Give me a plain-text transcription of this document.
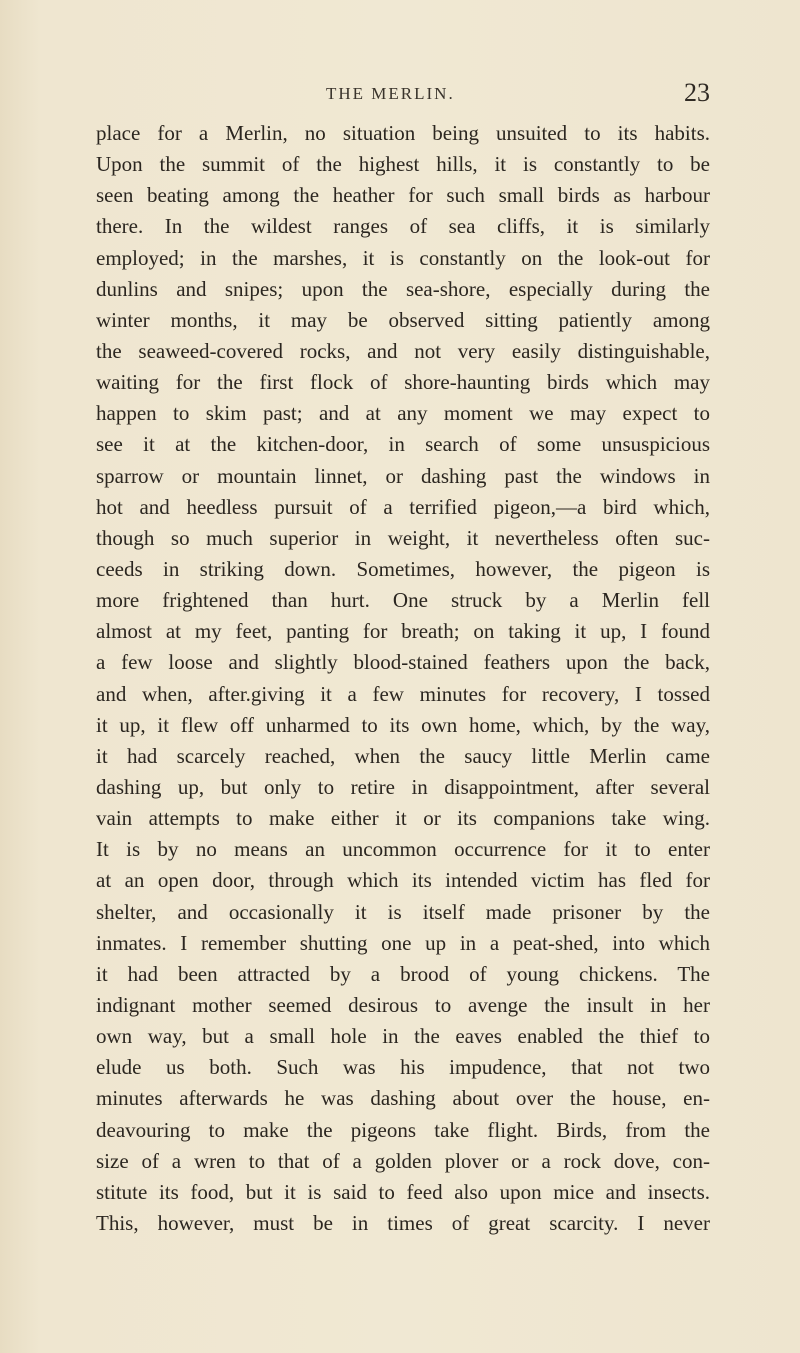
THE MERLIN.	23
place for a Merlin, no situation being unsuited to its habits.
Upon the summit of the highest hills, it is constantly to be
seen beating among the heather for such small birds as harbour
there. In the wildest ranges of sea cliffs, it is similarly
employed; in the marshes, it is constantly on the look-out for
dunlins and snipes; upon the sea-shore, especially during the
winter months, it may be observed sitting patiently among
the seaweed-covered rocks, and not very easily distinguishable,
waiting for the first flock of shore-haunting birds which may
happen to skim past; and at any moment we may expect to
see it at the kitchen-door, in search of some unsuspicious
sparrow or mountain linnet, or dashing past the windows in
hot and heedless pursuit of a terrified pigeon,—a bird which,
though so much superior in weight, it nevertheless often suc-
ceeds in striking down. Sometimes, however, the pigeon is
more frightened than hurt. One struck by a Merlin fell
almost at my feet, panting for breath; on taking it up, I found
a few loose and slightly blood-stained feathers upon the back,
and when, after.giving it a few minutes for recovery, I tossed
it up, it flew off unharmed to its own home, which, by the way,
it had scarcely reached, when the saucy little Merlin came
dashing up, but only to retire in disappointment, after several
vain attempts to make either it or its companions take wing.
It is by no means an uncommon occurrence for it to enter
at an open door, through which its intended victim has fled for
shelter, and occasionally it is itself made prisoner by the
inmates. I remember shutting one up in a peat-shed, into which
it had been attracted by a brood of young chickens. The
indignant mother seemed desirous to avenge the insult in her
own way, but a small hole in the eaves enabled the thief to
elude us both. Such was his impudence, that not two
minutes afterwards he was dashing about over the house, en-
deavouring to make the pigeons take flight. Birds, from the
size of a wren to that of a golden plover or a rock dove, con-
stitute its food, but it is said to feed also upon mice and insects.
This, however, must be in times of great scarcity. I never
